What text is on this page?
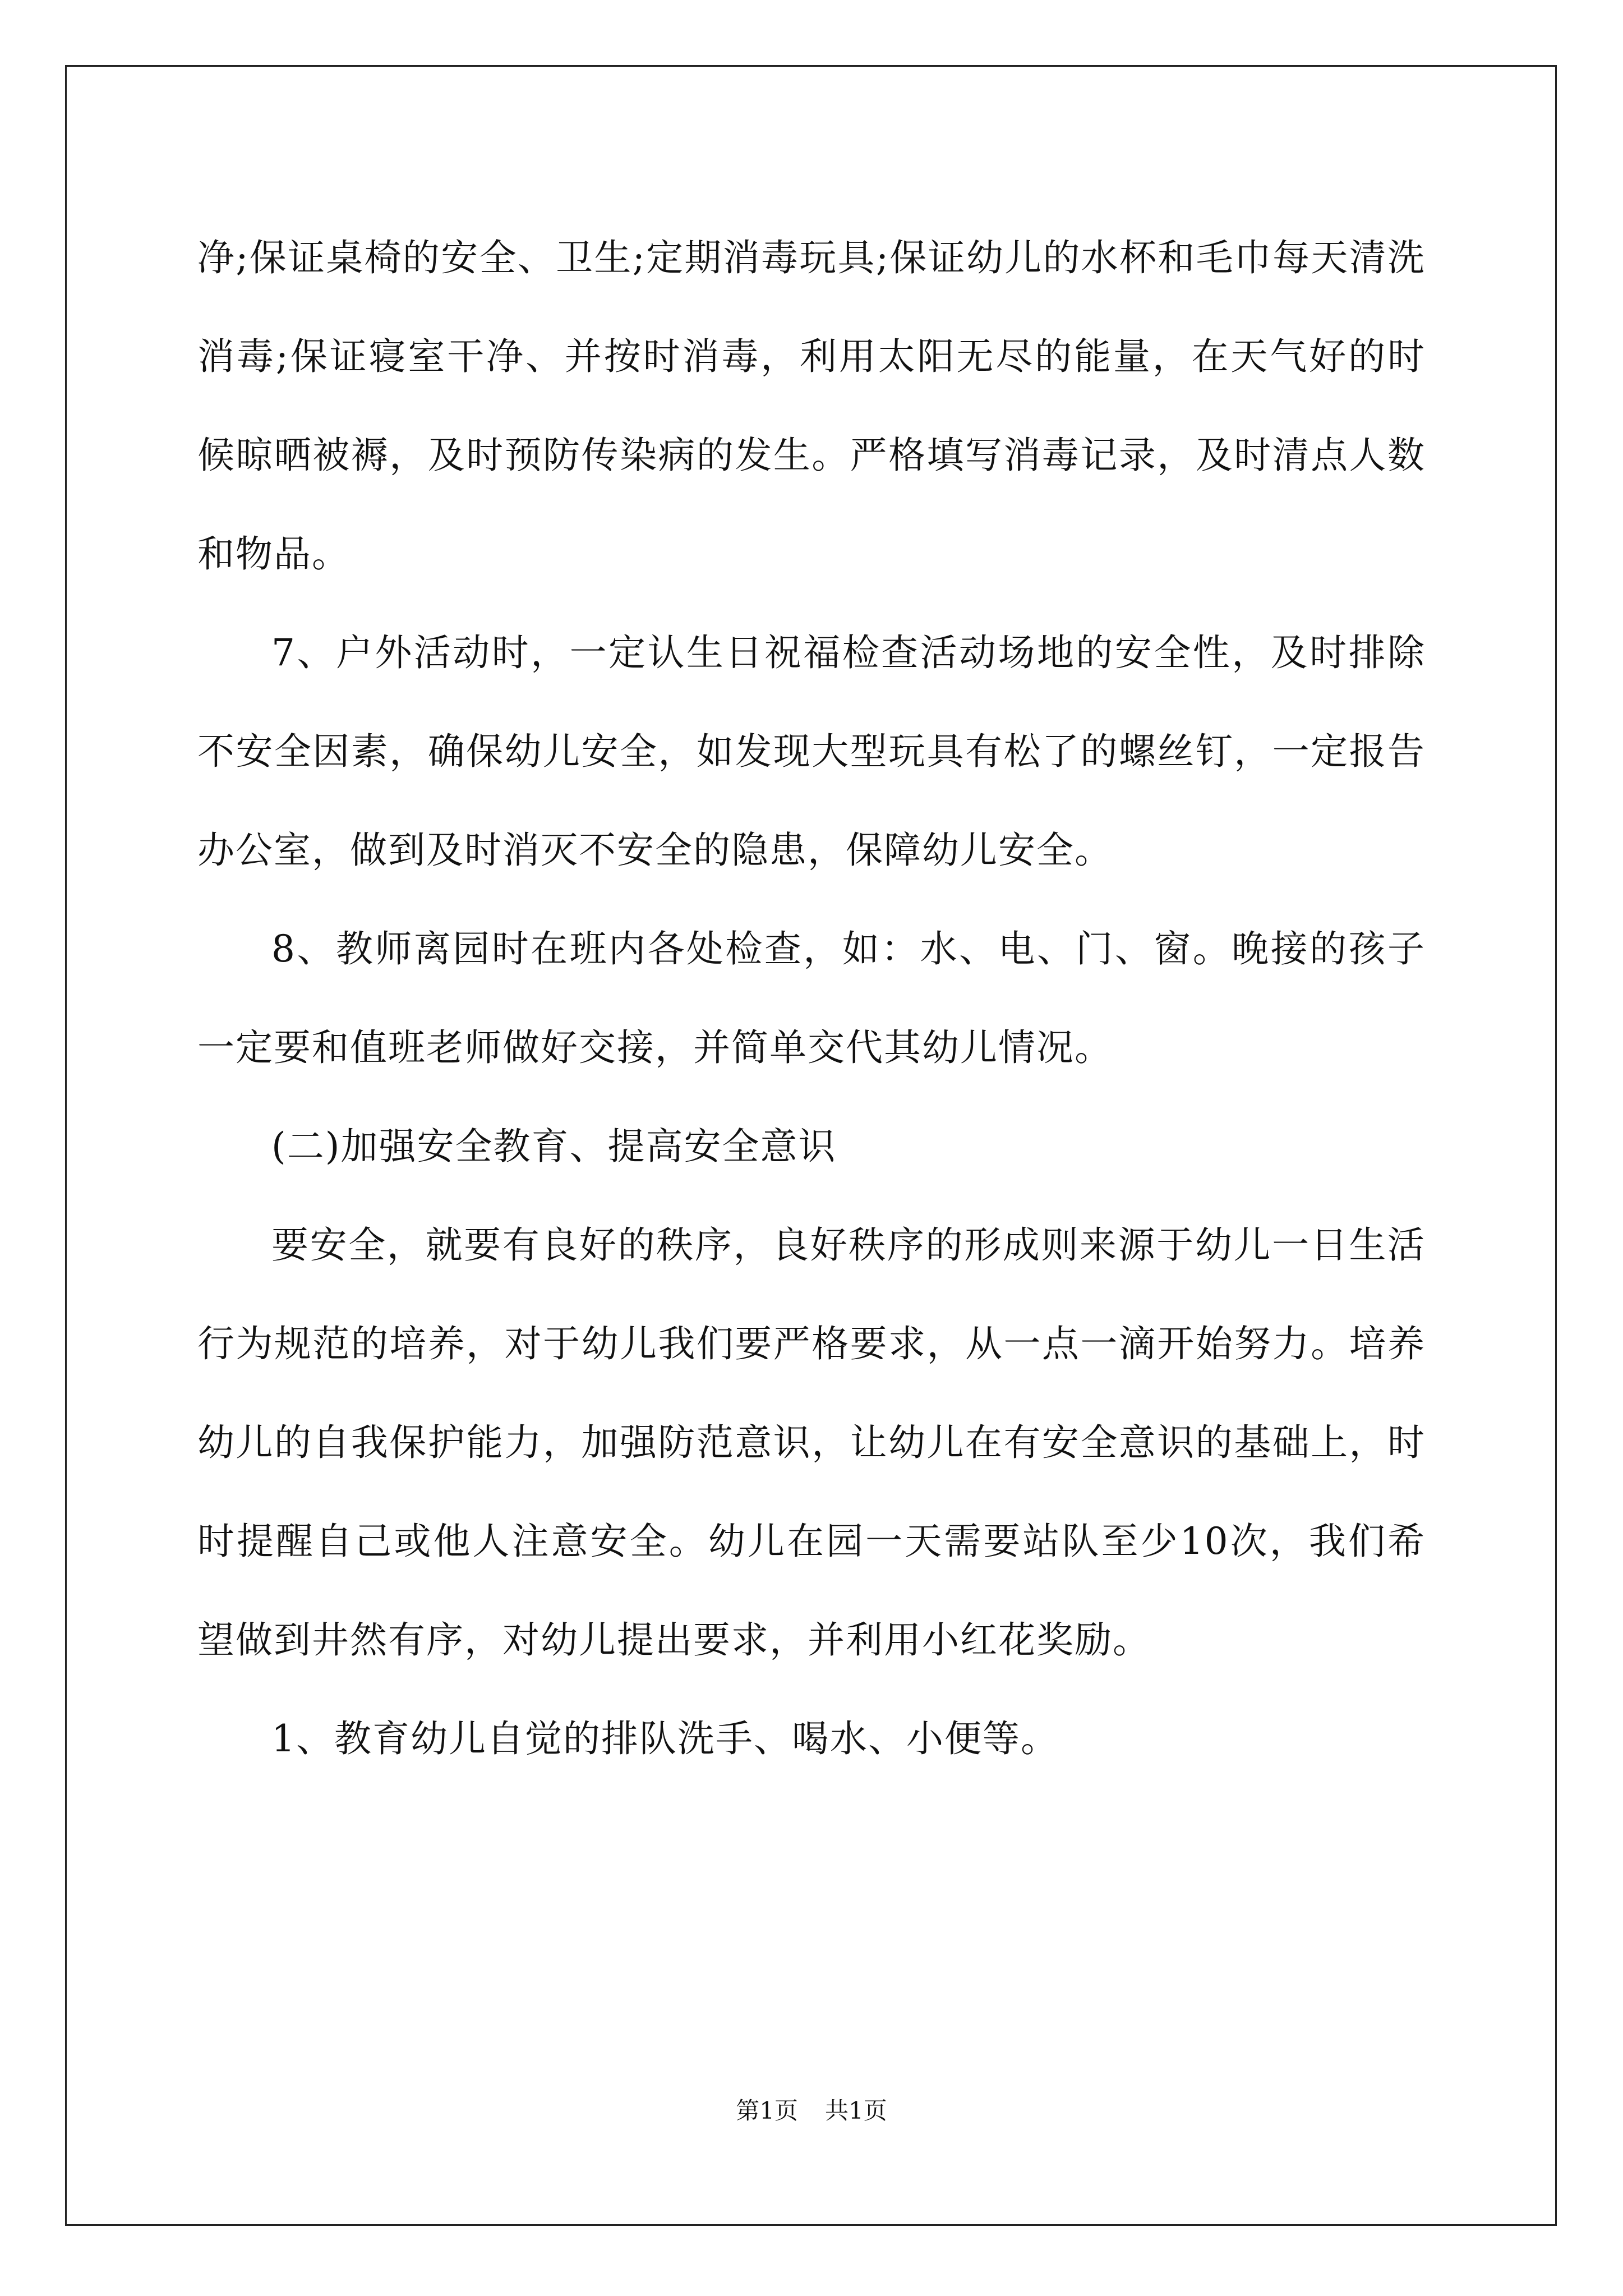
净;保证桌椅的安全、卫生;定期消毒玩具;保证幼儿的水杯和毛巾每天清洗消毒;保证寝室干净、并按时消毒，利用太阳无尽的能量，在天气好的时候晾晒被褥，及时预防传染病的发生。严格填写消毒记录，及时清点人数和物品。

7、户外活动时，一定认生日祝福检查活动场地的安全性，及时排除不安全因素，确保幼儿安全，如发现大型玩具有松了的螺丝钉，一定报告办公室，做到及时消灭不安全的隐患，保障幼儿安全。

8、教师离园时在班内各处检查，如：水、电、门、窗。晚接的孩子一定要和值班老师做好交接，并简单交代其幼儿情况。

(二)加强安全教育、提高安全意识

要安全，就要有良好的秩序，良好秩序的形成则来源于幼儿一日生活行为规范的培养，对于幼儿我们要严格要求，从一点一滴开始努力。培养幼儿的自我保护能力，加强防范意识，让幼儿在有安全意识的基础上，时时提醒自己或他人注意安全。幼儿在园一天需要站队至少10次，我们希望做到井然有序，对幼儿提出要求，并利用小红花奖励。

1、教育幼儿自觉的排队洗手、喝水、小便等。

第1页 共1页
